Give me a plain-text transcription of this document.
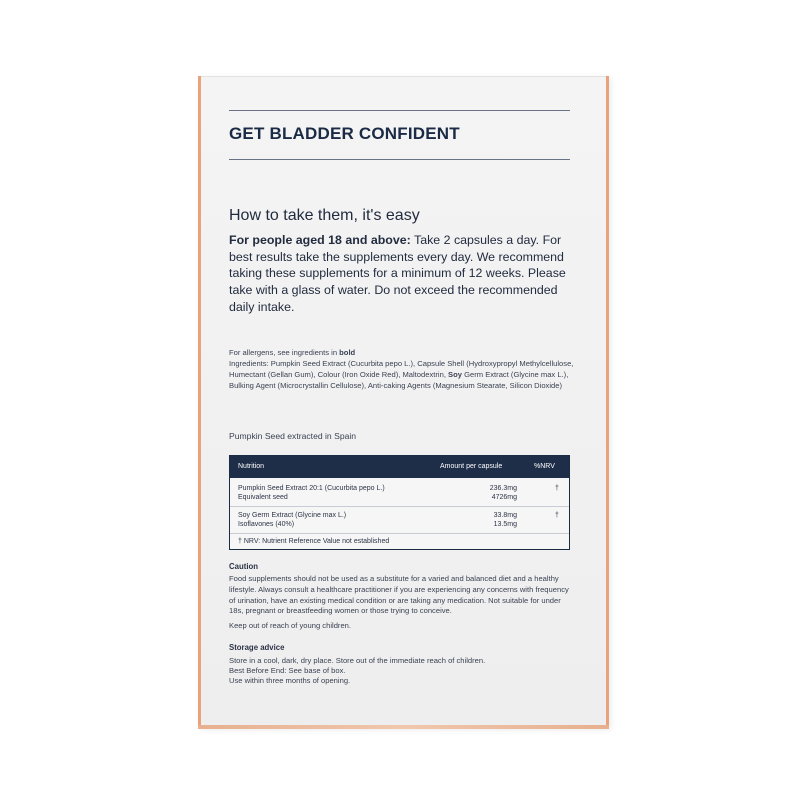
GET BLADDER CONFIDENT
How to take them, it's easy
For people aged 18 and above: Take 2 capsules a day. For best results take the supplements every day. We recommend taking these supplements for a minimum of 12 weeks. Please take with a glass of water. Do not exceed the recommended daily intake.
For allergens, see ingredients in bold
Ingredients: Pumpkin Seed Extract (Cucurbita pepo L.), Capsule Shell (Hydroxypropyl Methylcellulose, Humectant (Gellan Gum), Colour (Iron Oxide Red), Maltodextrin, Soy Germ Extract (Glycine max L.), Bulking Agent (Microcrystallin Cellulose), Anti-caking Agents (Magnesium Stearate, Silicon Dioxide)
Pumpkin Seed extracted in Spain
Nutrition	Amount per capsule	%NRV
Pumpkin Seed Extract 20:1 (Cucurbita pepo L.)	236.3mg	†
Equivalent seed	4726mg
Soy Germ Extract (Glycine max L.)	33.8mg	†
Isoflavones (40%)	13.5mg
† NRV: Nutrient Reference Value not established
Caution
Food supplements should not be used as a substitute for a varied and balanced diet and a healthy lifestyle. Always consult a healthcare practitioner if you are experiencing any concerns with frequency of urination, have an existing medical condition or are taking any medication. Not suitable for under 18s, pregnant or breastfeeding women or those trying to conceive.
Keep out of reach of young children.
Storage advice
Store in a cool, dark, dry place. Store out of the immediate reach of children.
Best Before End: See base of box.
Use within three months of opening.
